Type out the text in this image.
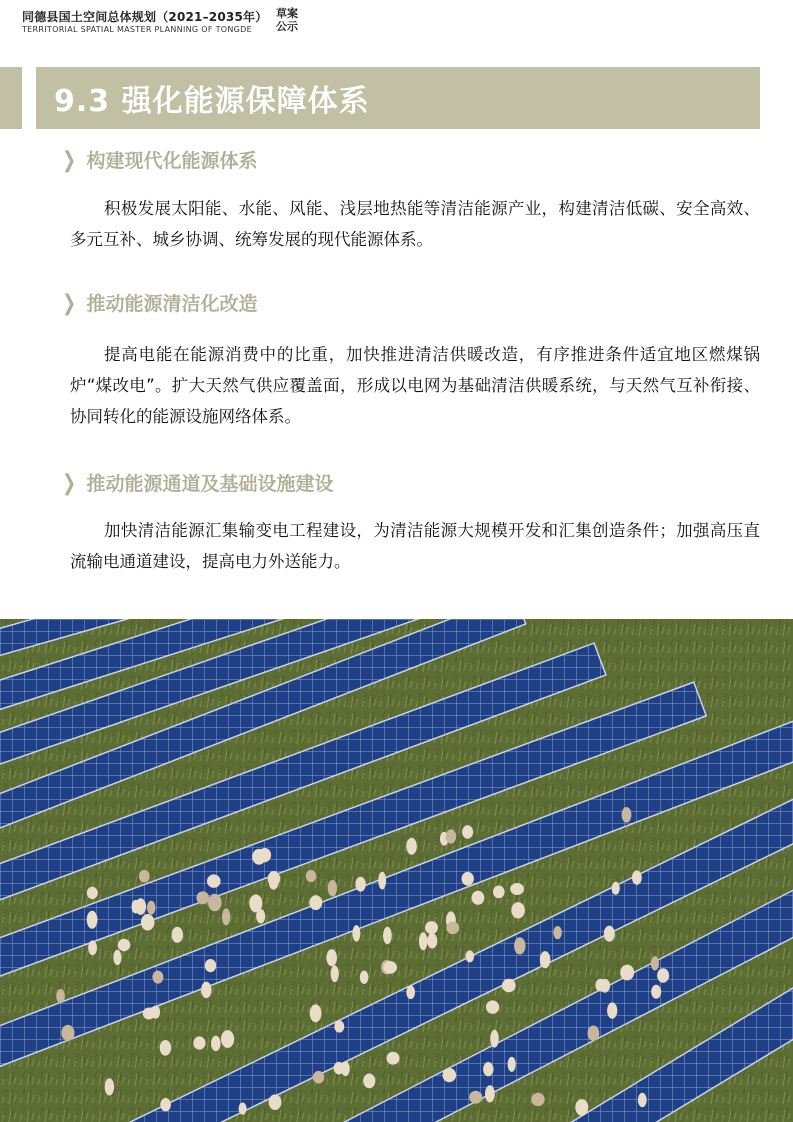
同德县国土空间总体规划（2021–2035年）
TERRITORIAL SPATIAL MASTER PLANNING OF TONGDE
草案公示
9.3 强化能源保障体系
❯ 构建现代化能源体系
积极发展太阳能、水能、风能、浅层地热能等清洁能源产业，构建清洁低碳、安全高效、多元互补、城乡协调、统筹发展的现代能源体系。
❯ 推动能源清洁化改造
提高电能在能源消费中的比重，加快推进清洁供暖改造，有序推进条件适宜地区燃煤锅炉“煤改电”。扩大天然气供应覆盖面，形成以电网为基础清洁供暖系统，与天然气互补衔接、协同转化的能源设施网络体系。
❯ 推动能源通道及基础设施建设
加快清洁能源汇集输变电工程建设，为清洁能源大规模开发和汇集创造条件；加强高压直流输电通道建设，提高电力外送能力。
